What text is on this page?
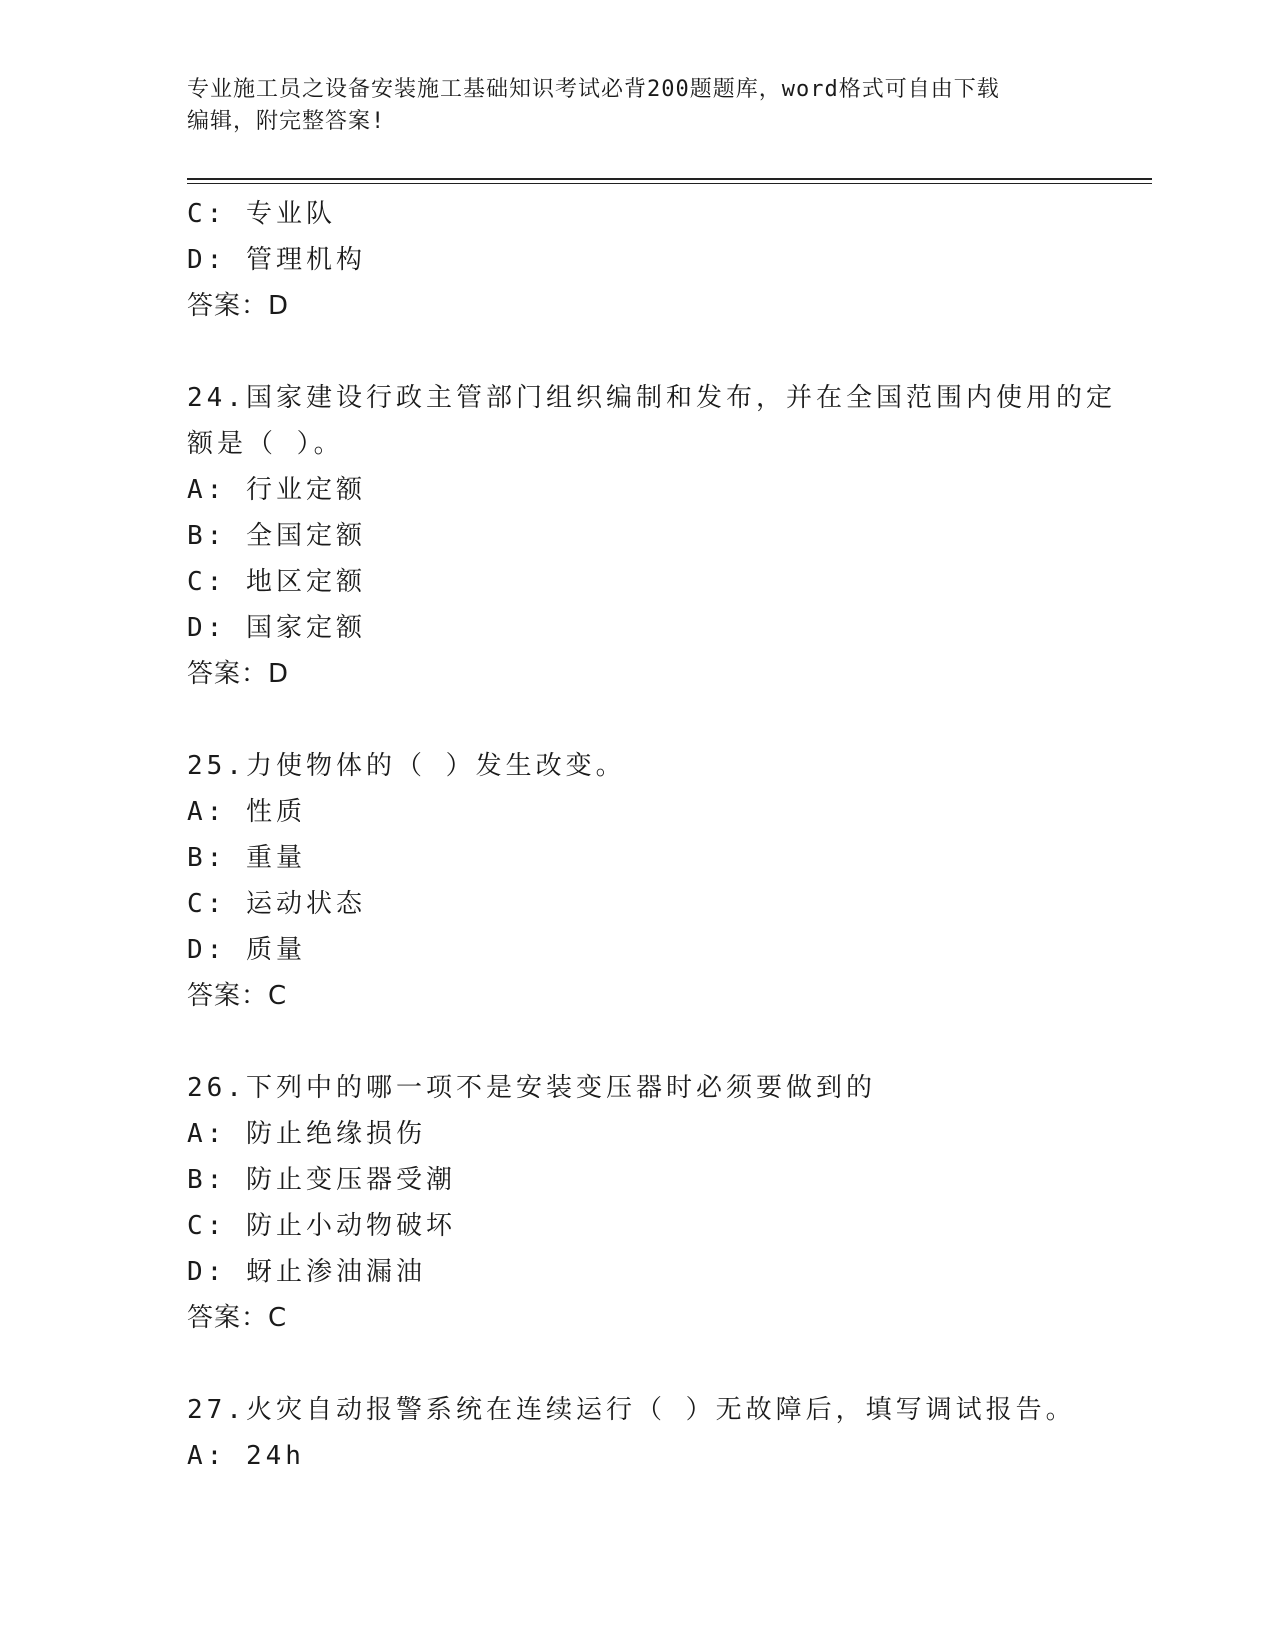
专业施工员之设备安装施工基础知识考试必背200题题库，word格式可自由下载
编辑，附完整答案!
C: 专业队
D: 管理机构
答案：D
24.国家建设行政主管部门组织编制和发布，并在全国范围内使用的定
额是（ ）。
A: 行业定额
B: 全国定额
C: 地区定额
D: 国家定额
答案：D
25.力使物体的（ ）发生改变。
A: 性质
B: 重量
C: 运动状态
D: 质量
答案：C
26.下列中的哪一项不是安装变压器时必须要做到的
A: 防止绝缘损伤
B: 防止变压器受潮
C: 防止小动物破坏
D: 蚜止渗油漏油
答案：C
27.火灾自动报警系统在连续运行（ ）无故障后，填写调试报告。
A: 24h
